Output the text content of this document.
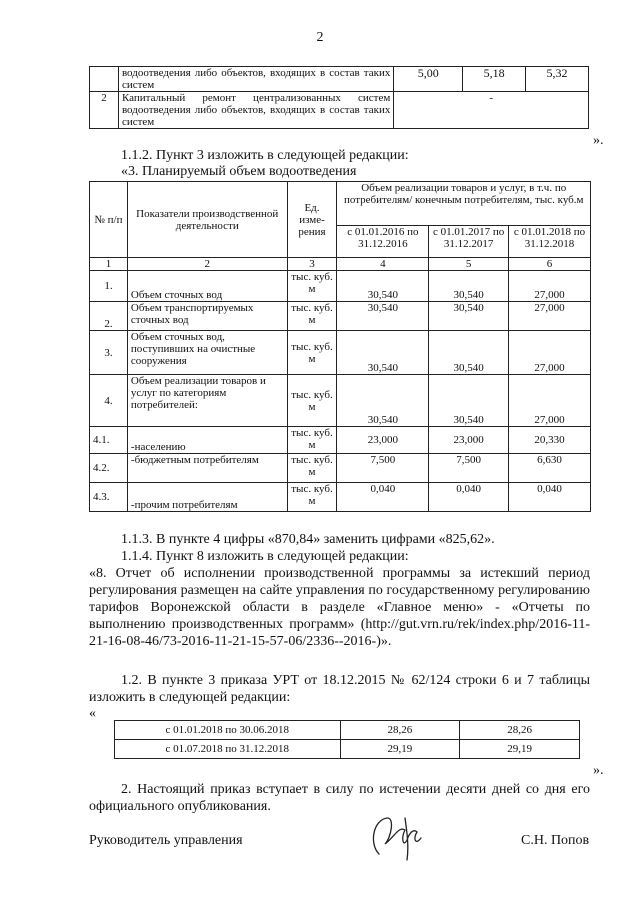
2
	водоотведения либо объектов, входящих в состав таких систем	5,00	5,18	5,32
2	Капитальный ремонт централизованных систем водоотведения либо объектов, входящих в состав таких систем	-		
».
1.1.2. Пункт 3 изложить в следующей редакции:
«3. Планируемый объем водоотведения
№ п/п	Показатели производственной деятельности	Ед. изме-рения	Объем реализации товаров и услуг, в т.ч. по потребителям/ конечным потребителям, тыс. куб.м		
			с 01.01.2016 по 31.12.2016	с 01.01.2017 по 31.12.2017	с 01.01.2018 по 31.12.2018
1	2	3	4	5	6
1.	Объем сточных вод	тыс. куб. м	30,540	30,540	27,000
2.	Объем транспортируемых сточных вод	тыс. куб. м	30,540	30,540	27,000
3.	Объем сточных вод, поступивших на очистные сооружения	тыс. куб. м	30,540	30,540	27,000
4.	Объем реализации товаров и услуг по категориям потребителей:	тыс. куб. м	30,540	30,540	27,000
4.1.	-населению	тыс. куб. м	23,000	23,000	20,330
4.2.	-бюджетным потребителям	тыс. куб. м	7,500	7,500	6,630
4.3.	-прочим потребителям	тыс. куб. м	0,040	0,040	0,040
1.1.3. В пункте 4 цифры «870,84» заменить цифрами «825,62».
1.1.4. Пункт 8 изложить в следующей редакции:
«8. Отчет об исполнении производственной программы за истекший период регулирования размещен на сайте управления по государственному регулированию тарифов Воронежской области в разделе «Главное меню» - «Отчеты по выполнению производственных программ» (http://gut.vrn.ru/rek/index.php/2016-11-21-16-08-46/73-2016-11-21-15-57-06/2336--2016-)».
1.2. В пункте 3 приказа УРТ от 18.12.2015 № 62/124 строки 6 и 7 таблицы изложить в следующей редакции:
«
с 01.01.2018 по 30.06.2018	28,26	28,26
с 01.07.2018 по 31.12.2018	29,19	29,19
».
2. Настоящий приказ вступает в силу по истечении десяти дней со дня его официального опубликования.
Руководитель управления	С.Н. Попов
